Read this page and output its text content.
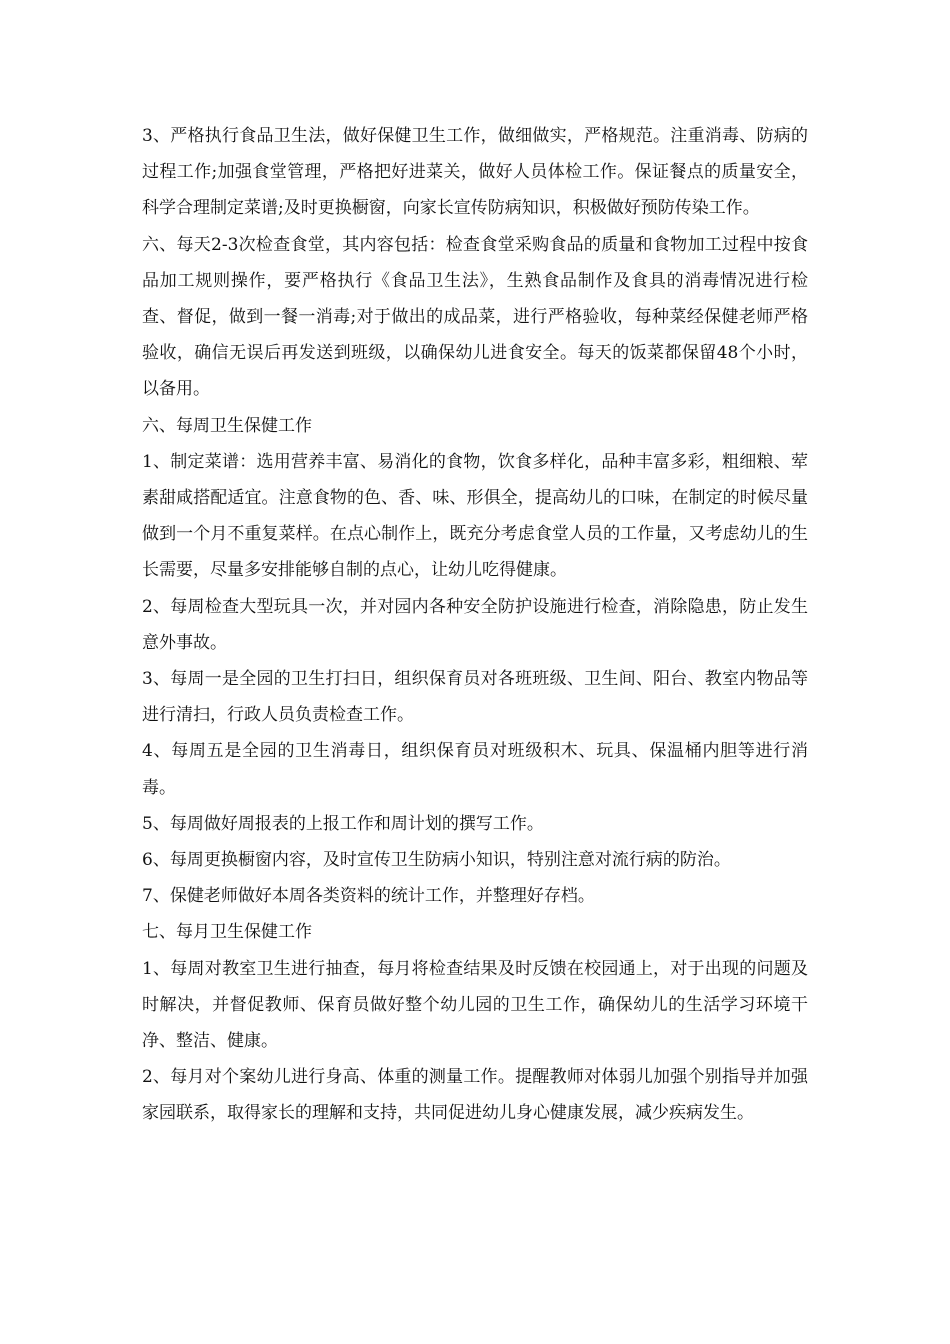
3、严格执行食品卫生法，做好保健卫生工作，做细做实，严格规范。注重消毒、防病的过程工作;加强食堂管理，严格把好进菜关，做好人员体检工作。保证餐点的质量安全，科学合理制定菜谱;及时更换橱窗，向家长宣传防病知识，积极做好预防传染工作。

六、每天2-3次检查食堂，其内容包括：检查食堂采购食品的质量和食物加工过程中按食品加工规则操作，要严格执行《食品卫生法》，生熟食品制作及食具的消毒情况进行检查、督促，做到一餐一消毒;对于做出的成品菜，进行严格验收，每种菜经保健老师严格验收，确信无误后再发送到班级，以确保幼儿进食安全。每天的饭菜都保留48个小时，以备用。

六、每周卫生保健工作

1、制定菜谱：选用营养丰富、易消化的食物，饮食多样化，品种丰富多彩，粗细粮、荤素甜咸搭配适宜。注意食物的色、香、味、形俱全，提高幼儿的口味，在制定的时候尽量做到一个月不重复菜样。在点心制作上，既充分考虑食堂人员的工作量，又考虑幼儿的生长需要，尽量多安排能够自制的点心，让幼儿吃得健康。

2、每周检查大型玩具一次，并对园内各种安全防护设施进行检查，消除隐患，防止发生意外事故。

3、每周一是全园的卫生打扫日，组织保育员对各班班级、卫生间、阳台、教室内物品等进行清扫，行政人员负责检查工作。

4、每周五是全园的卫生消毒日，组织保育员对班级积木、玩具、保温桶内胆等进行消毒。

5、每周做好周报表的上报工作和周计划的撰写工作。

6、每周更换橱窗内容，及时宣传卫生防病小知识，特别注意对流行病的防治。

7、保健老师做好本周各类资料的统计工作，并整理好存档。

七、每月卫生保健工作

1、每周对教室卫生进行抽查，每月将检查结果及时反馈在校园通上，对于出现的问题及时解决，并督促教师、保育员做好整个幼儿园的卫生工作，确保幼儿的生活学习环境干净、整洁、健康。

2、每月对个案幼儿进行身高、体重的测量工作。提醒教师对体弱儿加强个别指导并加强家园联系，取得家长的理解和支持，共同促进幼儿身心健康发展，减少疾病发生。
